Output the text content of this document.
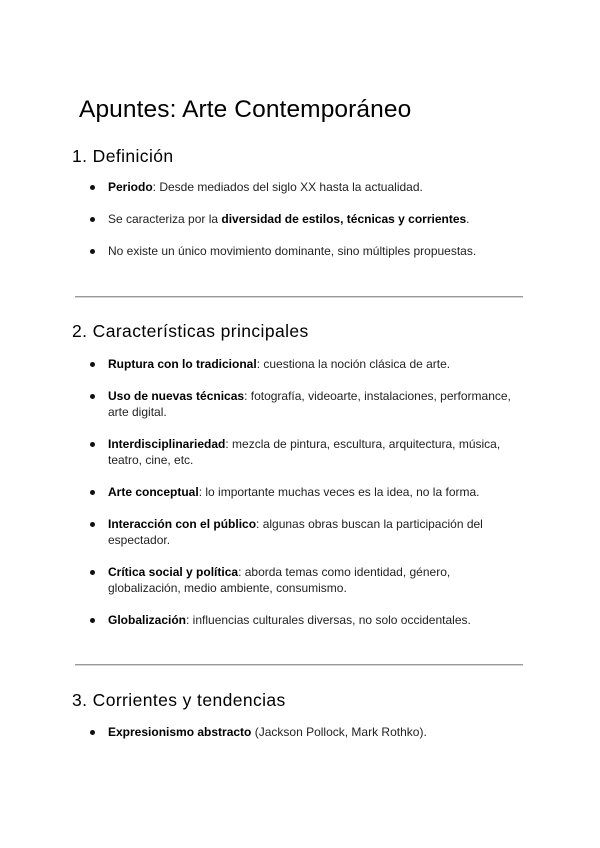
Apuntes: Arte Contemporáneo
1. Definición
Periodo: Desde mediados del siglo XX hasta la actualidad.
Se caracteriza por la diversidad de estilos, técnicas y corrientes.
No existe un único movimiento dominante, sino múltiples propuestas.
2. Características principales
Ruptura con lo tradicional: cuestiona la noción clásica de arte.
Uso de nuevas técnicas: fotografía, videoarte, instalaciones, performance, arte digital.
Interdisciplinariedad: mezcla de pintura, escultura, arquitectura, música, teatro, cine, etc.
Arte conceptual: lo importante muchas veces es la idea, no la forma.
Interacción con el público: algunas obras buscan la participación del espectador.
Crítica social y política: aborda temas como identidad, género, globalización, medio ambiente, consumismo.
Globalización: influencias culturales diversas, no solo occidentales.
3. Corrientes y tendencias
Expresionismo abstracto (Jackson Pollock, Mark Rothko).
